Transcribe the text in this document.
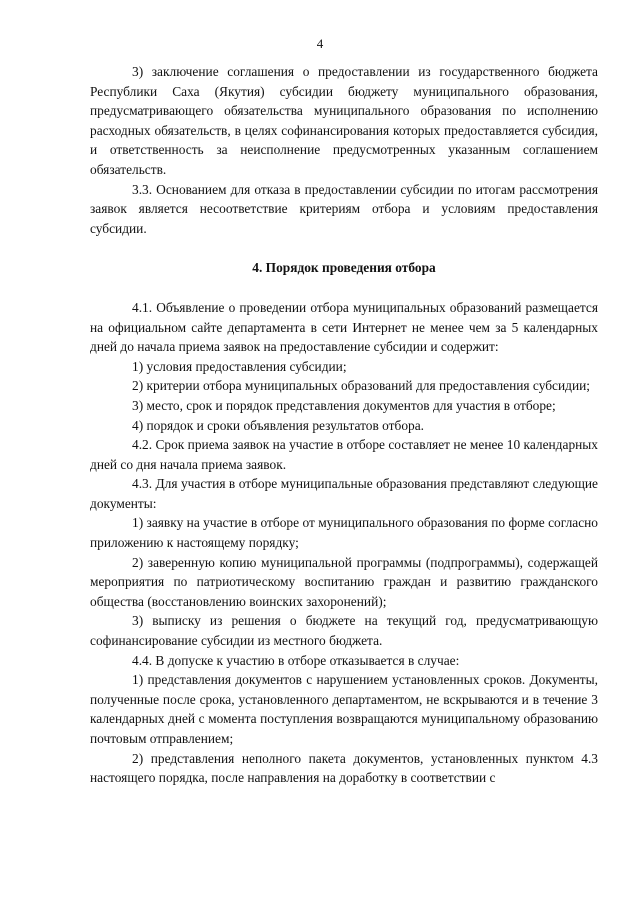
4

3) заключение соглашения о предоставлении из государственного бюджета Республики Саха (Якутия) субсидии бюджету муниципального образования, предусматривающего обязательства муниципального образования по исполнению расходных обязательств, в целях софинансирования которых предоставляется субсидия, и ответственность за неисполнение предусмотренных указанным соглашением обязательств.

3.3. Основанием для отказа в предоставлении субсидии по итогам рассмотрения заявок является несоответствие критериям отбора и условиям предоставления субсидии.

4. Порядок проведения отбора

4.1. Объявление о проведении отбора муниципальных образований размещается на официальном сайте департамента в сети Интернет не менее чем за 5 календарных дней до начала приема заявок на предоставление субсидии и содержит:

1) условия предоставления субсидии;

2) критерии отбора муниципальных образований для предоставления субсидии;

3) место, срок и порядок представления документов для участия в отборе;

4) порядок и сроки объявления результатов отбора.

4.2. Срок приема заявок на участие в отборе составляет не менее 10 календарных дней со дня начала приема заявок.

4.3. Для участия в отборе муниципальные образования представляют следующие документы:

1) заявку на участие в отборе от муниципального образования по форме согласно приложению к настоящему порядку;

2) заверенную копию муниципальной программы (подпрограммы), содержащей мероприятия по патриотическому воспитанию граждан и развитию гражданского общества (восстановлению воинских захоронений);

3) выписку из решения о бюджете на текущий год, предусматривающую софинансирование субсидии из местного бюджета.

4.4. В допуске к участию в отборе отказывается в случае:

1) представления документов с нарушением установленных сроков. Документы, полученные после срока, установленного департаментом, не вскрываются и в течение 3 календарных дней с момента поступления возвращаются муниципальному образованию почтовым отправлением;

2) представления неполного пакета документов, установленных пунктом 4.3 настоящего порядка, после направления на доработку в соответствии с
